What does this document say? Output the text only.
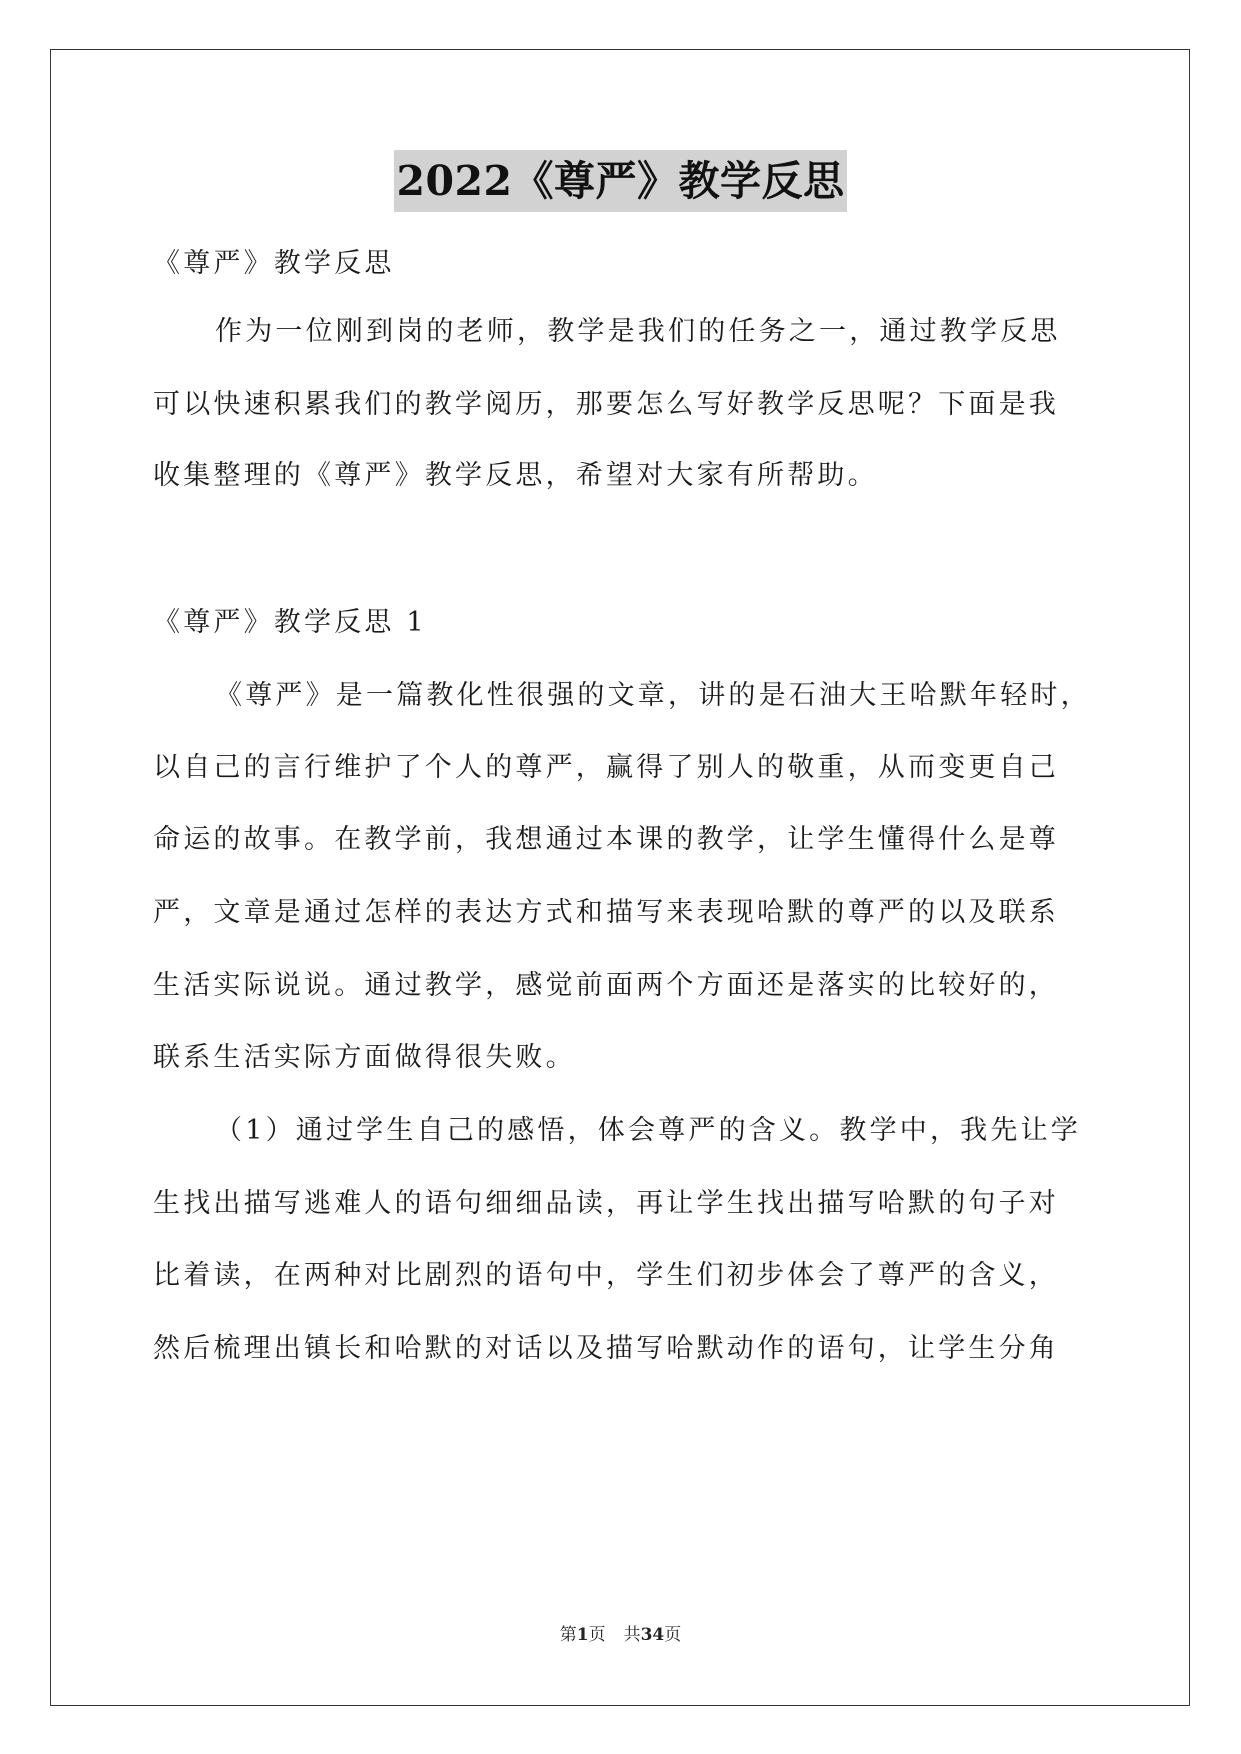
2022《尊严》教学反思
《尊严》教学反思
作为一位刚到岗的老师，教学是我们的任务之一，通过教学反思
可以快速积累我们的教学阅历，那要怎么写好教学反思呢？下面是我
收集整理的《尊严》教学反思，希望对大家有所帮助。
《尊严》教学反思 1
《尊严》是一篇教化性很强的文章，讲的是石油大王哈默年轻时，
以自己的言行维护了个人的尊严，赢得了别人的敬重，从而变更自己
命运的故事。在教学前，我想通过本课的教学，让学生懂得什么是尊
严，文章是通过怎样的表达方式和描写来表现哈默的尊严的以及联系
生活实际说说。通过教学，感觉前面两个方面还是落实的比较好的，
联系生活实际方面做得很失败。
（1）通过学生自己的感悟，体会尊严的含义。教学中，我先让学
生找出描写逃难人的语句细细品读，再让学生找出描写哈默的句子对
比着读，在两种对比剧烈的语句中，学生们初步体会了尊严的含义，
然后梳理出镇长和哈默的对话以及描写哈默动作的语句，让学生分角
第1页 共34页
